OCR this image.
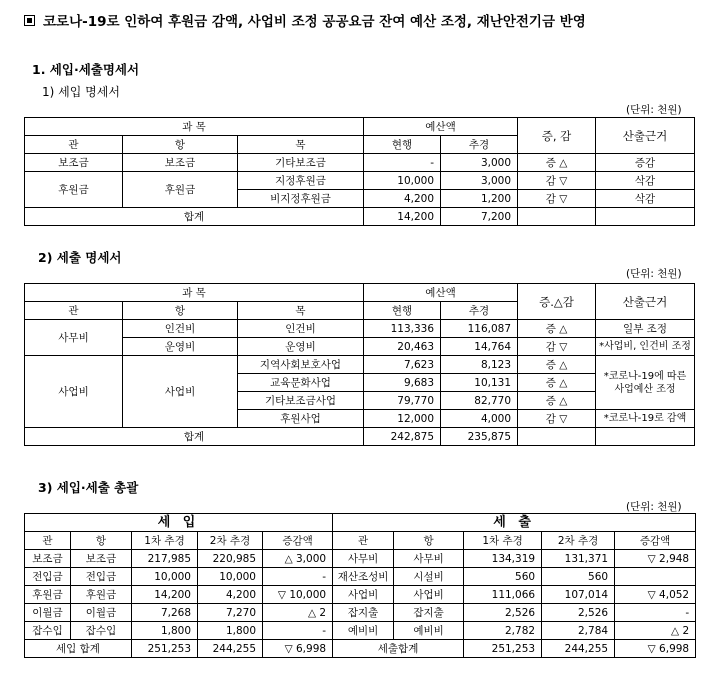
코로나-19로 인하여 후원금 감액, 사업비 조정 공공요금 잔여 예산 조정, 재난안전기금 반영
1. 세입·세출명세서
1) 세입 명세서
(단위: 천원)
과 목			예산액		증, 감	산출근거
관	항	목	현행	추경		
보조금	보조금	기타보조금	-	3,000	증 △	증감
후원금	후원금	지정후원금	10,000	3,000	감 ▽	삭감
		비지정후원금	4,200	1,200	감 ▽	삭감
합계			14,200	7,200		
2) 세출 명세서
(단위: 천원)
과 목			예산액		증.△감	산출근거
관	항	목	현행	추경		
사무비	인건비	인건비	113,336	116,087	증 △	일부 조정
	운영비	운영비	20,463	14,764	감 ▽	*사업비, 인건비 조정
사업비	사업비	지역사회보호사업	7,623	8,123	증 △	*코로나-19에 따른 사업예산 조정
		교육문화사업	9,683	10,131	증 △	
		기타보조금사업	79,770	82,770	증 △	
		후원사업	12,000	4,000	감 ▽	*코로나-19로 감액
합계			242,875	235,875		
3) 세입·세출 총괄
(단위: 천원)
세 입					세 출				
관	항	1차 추경	2차 추경	증감액	관	항	1차 추경	2차 추경	증감액
보조금	보조금	217,985	220,985	△ 3,000	사무비	사무비	134,319	131,371	▽ 2,948
전입금	전입금	10,000	10,000	-	재산조성비	시설비	560	560	
후원금	후원금	14,200	4,200	▽ 10,000	사업비	사업비	111,066	107,014	▽ 4,052
이월금	이월금	7,268	7,270	△ 2	잡지출	잡지출	2,526	2,526	-
잡수입	잡수입	1,800	1,800	-	예비비	예비비	2,782	2,784	△ 2
세입 합계		251,253	244,255	▽ 6,998	세출합계		251,253	244,255	▽ 6,998
